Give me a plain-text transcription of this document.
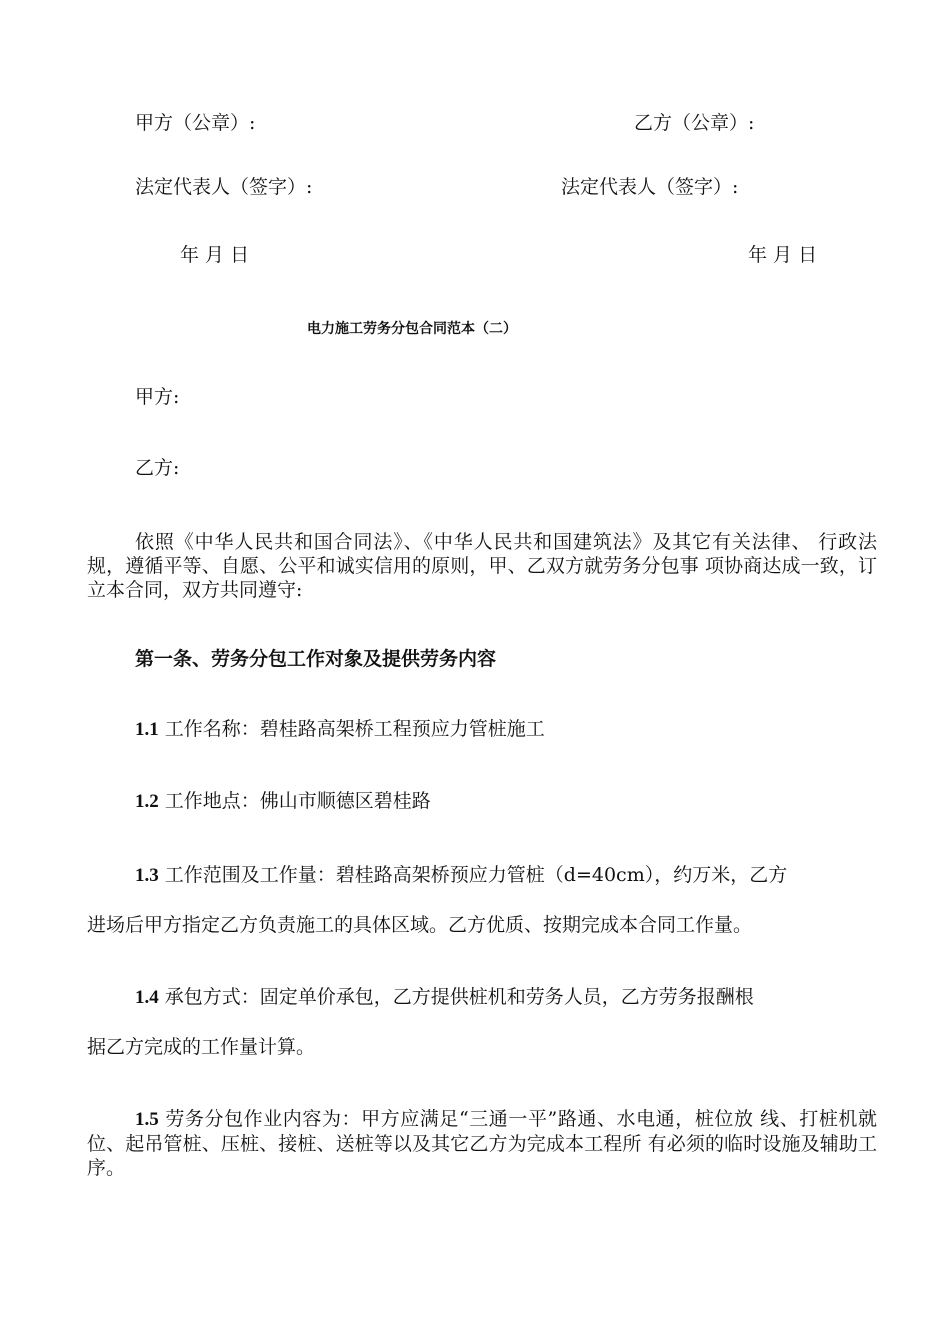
甲方（公章）:	乙方（公章）:
法定代表人（签字）:	法定代表人（签字）:
年 月 日	年 月 日
电力施工劳务分包合同范本（二）
甲方:
乙方:
依照《中华人民共和国合同法》、《中华人民共和国建筑法》及其它有关法律、 行政法规，遵循平等、自愿、公平和诚实信用的原则，甲、乙双方就劳务分包事 项协商达成一致，订立本合同，双方共同遵守:
第一条、劳务分包工作对象及提供劳务内容
1.1 工作名称：碧桂路高架桥工程预应力管桩施工
1.2 工作地点：佛山市顺德区碧桂路
1.3 工作范围及工作量：碧桂路高架桥预应力管桩（d=40cm），约万米，乙方
进场后甲方指定乙方负责施工的具体区域。乙方优质、按期完成本合同工作量。
1.4 承包方式：固定单价承包，乙方提供桩机和劳务人员，乙方劳务报酬根
据乙方完成的工作量计算。
1.5 劳务分包作业内容为：甲方应满足“三通一平”路通、水电通，桩位放 线、打桩机就位、起吊管桩、压桩、接桩、送桩等以及其它乙方为完成本工程所 有必须的临时设施及辅助工序。
